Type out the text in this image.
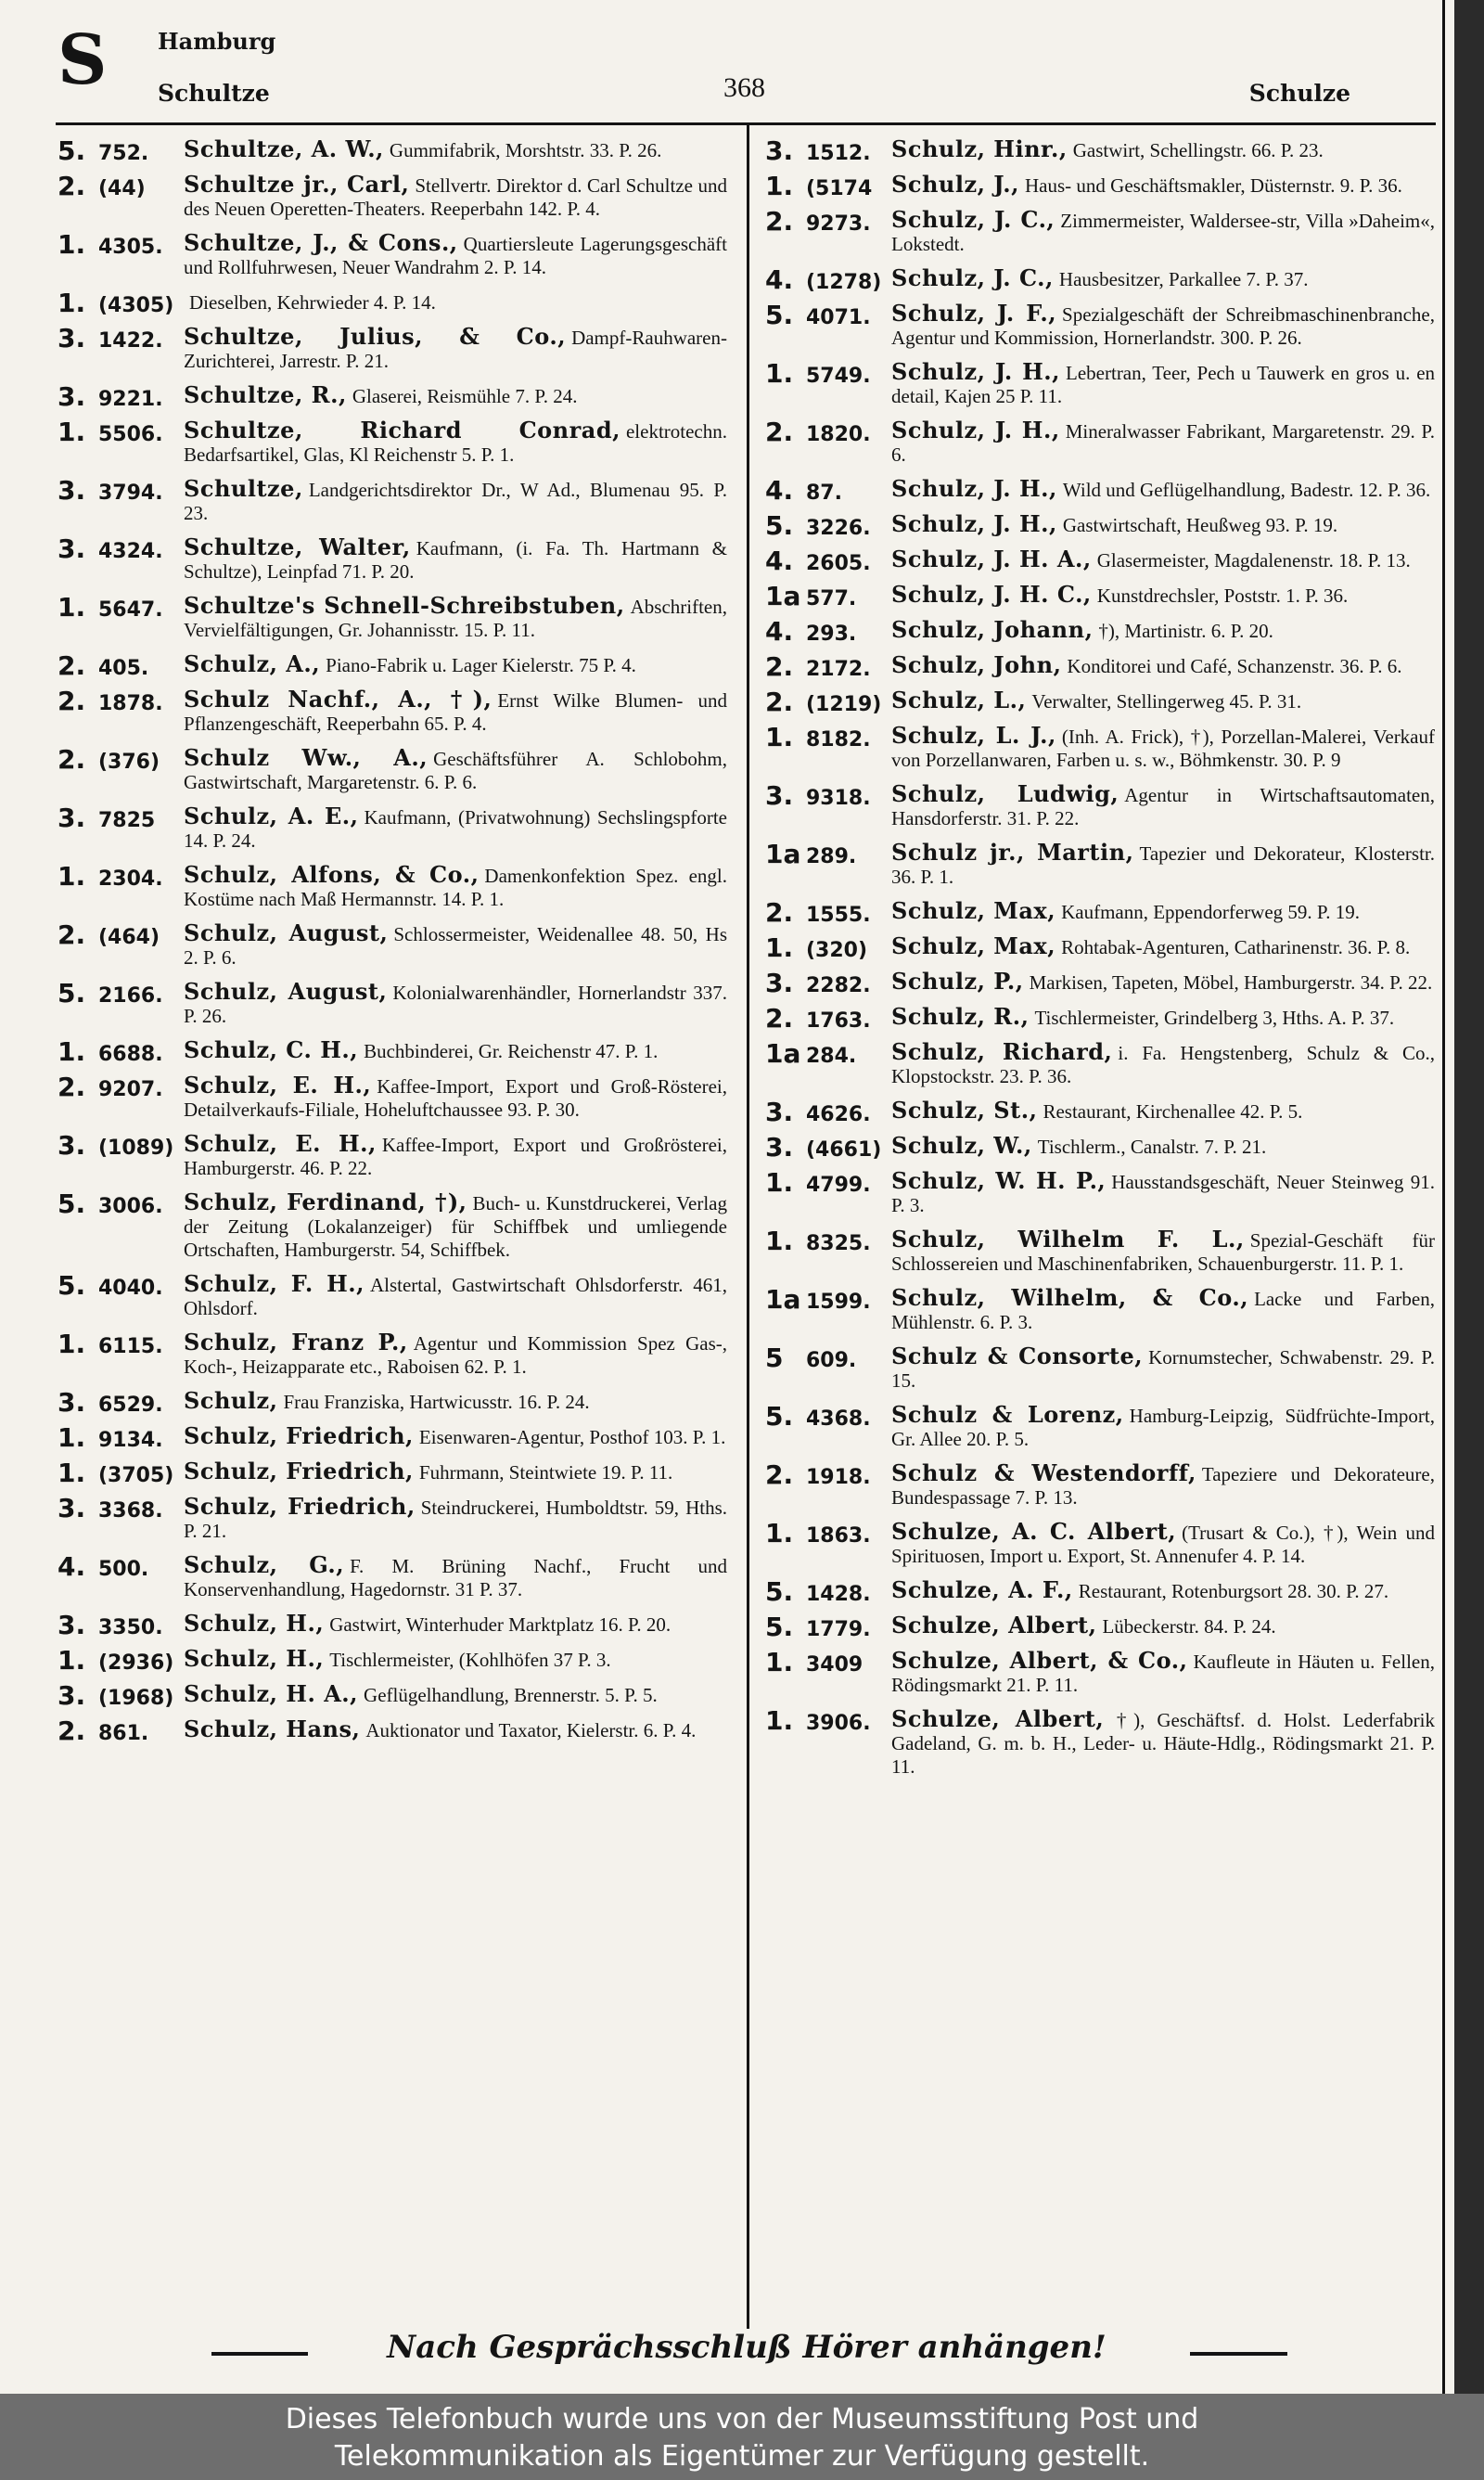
S Hamburg
Schultze	368	Schulze
5. 752.	Schultze, A. W., Gummifabrik, Morshtstr. 33. P. 26.
2. (44)	Schultze jr., Carl, Stellvertr. Direktor d. Carl Schultze und des Neuen Operetten-Theaters. Reeperbahn 142. P. 4.
1. 4305. Schultze, J., & Cons., Quartiersleute Lagerungsgeschäft und Rollfuhrwesen, Neuer Wandrahm 2. P. 14.
1. (4305) Dieselben, Kehrwieder 4. P. 14.
3. 1422. Schultze, Julius, & Co., Dampf-Rauhwaren-Zurichterei, Jarrestr. P. 21.
3. 9221. Schultze, R., Glaserei, Reismühle 7. P. 24.
1. 5506. Schultze, Richard Conrad, elektrotechn. Bedarfsartikel, Glas, Kl Reichenstr 5. P. 1.
3. 3794. Schultze, Landgerichtsdirektor Dr., W Ad., Blumenau 95. P. 23.
3. 4324. Schultze, Walter, Kaufmann, (i. Fa. Th. Hartmann & Schultze), Leinpfad 71. P. 20.
1. 5647. Schultze's Schnell-Schreibstuben, Abschriften, Vervielfältigungen, Gr. Johannisstr. 15. P. 11.
2. 405.	Schulz, A., Piano-Fabrik u. Lager Kielerstr. 75 P. 4.
2. 1878. Schulz Nachf., A., †), Ernst Wilke Blumen- und Pflanzengeschäft, Reeperbahn 65. P. 4.
2. (376)	Schulz Ww., A., Geschäftsführer A. Schlobohm, Gastwirtschaft, Margaretenstr. 6. P. 6.
3. 7825	Schulz, A. E., Kaufmann, (Privatwohnung) Sechslingspforte 14. P. 24.
1. 2304. Schulz, Alfons, & Co., Damenkonfektion Spez. engl. Kostüme nach Maß Hermannstr. 14. P. 1.
2. (464)	Schulz, August, Schlossermeister, Weidenallee 48. 50, Hs 2. P. 6.
5. 2166. Schulz, August, Kolonialwarenhändler, Hornerlandstr 337. P. 26.
1. 6688. Schulz, C. H., Buchbinderei, Gr. Reichenstr 47. P. 1.
2. 9207. Schulz, E. H., Kaffee-Import, Export und Groß-Rösterei, Detailverkaufs-Filiale, Hoheluftchaussee 93. P. 30.
3. (1089) Schulz, E. H., Kaffee-Import, Export und Großrösterei, Hamburgerstr. 46. P. 22.
5. 3006. Schulz, Ferdinand, †), Buch- u. Kunstdruckerei, Verlag der Zeitung (Lokalanzeiger) für Schiffbek und umliegende Ortschaften, Hamburgerstr. 54, Schiffbek.
5. 4040. Schulz, F. H., Alstertal, Gastwirtschaft Ohlsdorferstr. 461, Ohlsdorf.
1. 6115. Schulz, Franz P., Agentur und Kommission Spez Gas-, Koch-, Heizapparate etc., Raboisen 62. P. 1.
3. 6529. Schulz, Frau Franziska, Hartwicusstr. 16. P. 24.
1. 9134. Schulz, Friedrich, Eisenwaren-Agentur, Posthof 103. P. 1.
1. (3705) Schulz, Friedrich, Fuhrmann, Steintwiete 19. P. 11.
3. 3368. Schulz, Friedrich, Steindruckerei, Humboldtstr. 59, Hths. P. 21.
4. 500.	Schulz, G., F. M. Brüning Nachf., Frucht und Konservenhandlung, Hagedornstr. 31 P. 37.
3. 3350. Schulz, H., Gastwirt, Winterhuder Marktplatz 16. P. 20.
1. (2936) Schulz, H., Tischlermeister, (Kohlhöfen 37 P. 3.
3. (1968) Schulz, H. A., Geflügelhandlung, Brennerstr. 5. P. 5.
2. 861.	Schulz, Hans, Auktionator und Taxator, Kielerstr. 6. P. 4.
3. 1512. Schulz, Hinr., Gastwirt, Schellingstr. 66. P. 23.
1. (5174 Schulz, J., Haus- und Geschäftsmakler, Düsternstr. 9. P. 36.
2. 9273. Schulz, J. C., Zimmermeister, Waldersee-str, Villa »Daheim«, Lokstedt.
4. (1278) Schulz, J. C., Hausbesitzer, Parkallee 7. P. 37.
5. 4071. Schulz, J. F., Spezialgeschäft der Schreibmaschinenbranche, Agentur und Kommission, Hornerlandstr. 300. P. 26.
1. 5749. Schulz, J. H., Lebertran, Teer, Pech u Tauwerk en gros u. en detail, Kajen 25 P. 11.
2. 1820. Schulz, J. H., Mineralwasser Fabrikant, Margaretenstr. 29. P. 6.
4. 87.	Schulz, J. H., Wild und Geflügelhandlung, Badestr. 12. P. 36.
5. 3226. Schulz, J. H., Gastwirtschaft, Heußweg 93. P. 19.
4. 2605. Schulz, J. H. A., Glasermeister, Magdalenenstr. 18. P. 13.
1a 577.	Schulz, J. H. C., Kunstdrechsler, Poststr. 1. P. 36.
4. 293.	Schulz, Johann, †), Martinistr. 6. P. 20.
2. 2172. Schulz, John, Konditorei und Café, Schanzenstr. 36. P. 6.
2. (1219) Schulz, L., Verwalter, Stellingerweg 45. P. 31.
1. 8182. Schulz, L. J., (Inh. A. Frick), †), Porzellan-Malerei, Verkauf von Porzellanwaren, Farben u. s. w., Böhmkenstr. 30. P. 9
3. 9318. Schulz, Ludwig, Agentur in Wirtschaftsautomaten, Hansdorferstr. 31. P. 22.
1a 289.	Schulz jr., Martin, Tapezier und Dekorateur, Klosterstr. 36. P. 1.
2. 1555. Schulz, Max, Kaufmann, Eppendorferweg 59. P. 19.
1. (320)	Schulz, Max, Rohtabak-Agenturen, Catharinenstr. 36. P. 8.
3. 2282. Schulz, P., Markisen, Tapeten, Möbel, Hamburgerstr. 34. P. 22.
2. 1763. Schulz, R., Tischlermeister, Grindelberg 3, Hths. A. P. 37.
1a 284.	Schulz, Richard, i. Fa. Hengstenberg, Schulz & Co., Klopstockstr. 23. P. 36.
3. 4626. Schulz, St., Restaurant, Kirchenallee 42. P. 5.
3. (4661) Schulz, W., Tischlerm., Canalstr. 7. P. 21.
1. 4799. Schulz, W. H. P., Hausstandsgeschäft, Neuer Steinweg 91. P. 3.
1. 8325. Schulz, Wilhelm F. L., Spezial-Geschäft für Schlossereien und Maschinenfabriken, Schauenburgerstr. 11. P. 1.
1a 1599. Schulz, Wilhelm, & Co., Lacke und Farben, Mühlenstr. 6. P. 3.
5 609.	Schulz & Consorte, Kornumstecher, Schwabenstr. 29. P. 15.
5. 4368. Schulz & Lorenz, Hamburg-Leipzig, Südfrüchte-Import, Gr. Allee 20. P. 5.
2. 1918. Schulz & Westendorff, Tapeziere und Dekorateure, Bundespassage 7. P. 13.
1. 1863. Schulze, A. C. Albert, (Trusart & Co.), †), Wein und Spirituosen, Import u. Export, St. Annenufer 4. P. 14.
5. 1428. Schulze, A. F., Restaurant, Rotenburgsort 28. 30. P. 27.
5. 1779. Schulze, Albert, Lübeckerstr. 84. P. 24.
1. 3409	Schulze, Albert, & Co., Kaufleute in Häuten u. Fellen, Rödingsmarkt 21. P. 11.
1. 3906. Schulze, Albert, †), Geschäftsf. d. Holst. Lederfabrik Gadeland, G. m. b. H., Leder- u. Häute-Hdlg., Rödingsmarkt 21. P. 11.
Nach Gesprächsschluß Hörer anhängen!
Dieses Telefonbuch wurde uns von der Museumsstiftung Post und
Telekommunikation als Eigentümer zur Verfügung gestellt.
